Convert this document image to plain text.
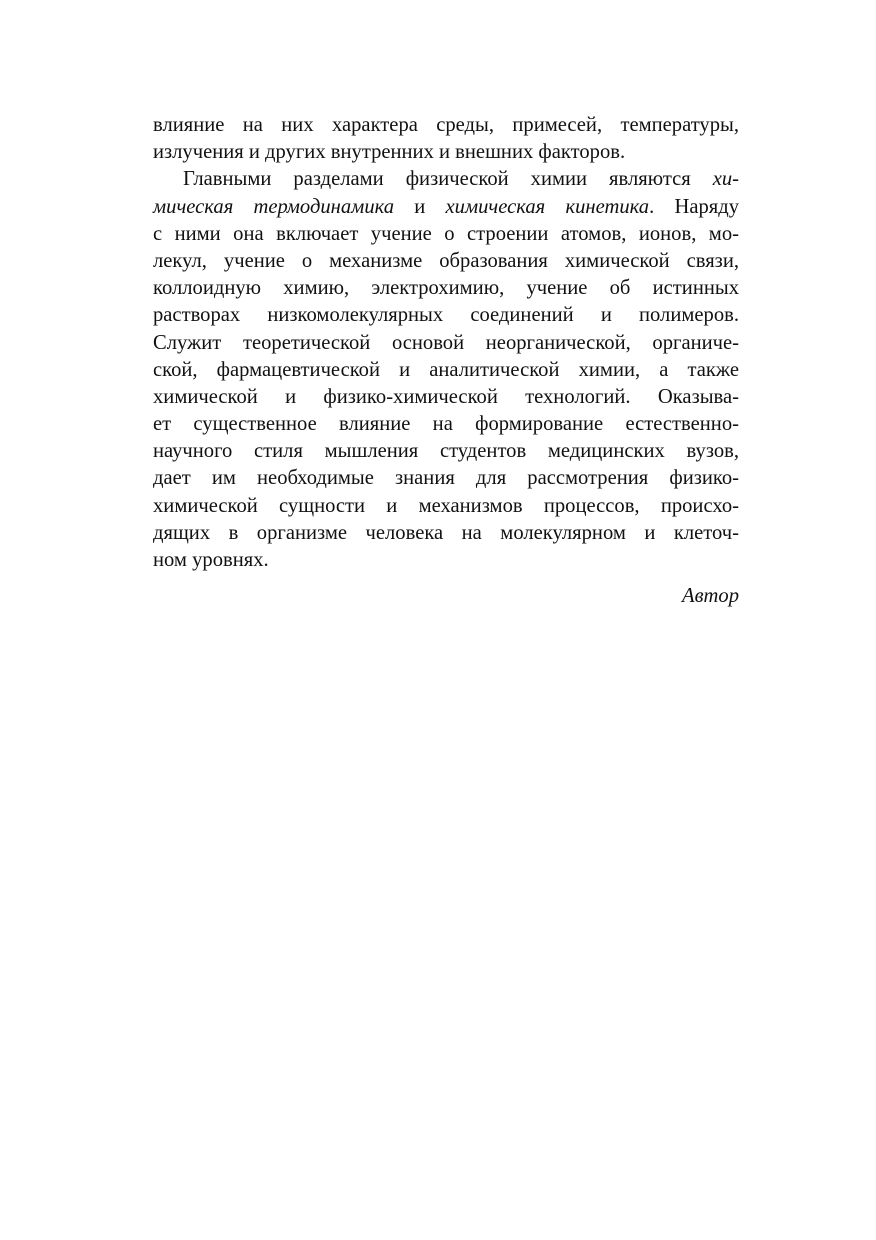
влияние на них характера среды, примесей, температуры,
излучения и других внутренних и внешних факторов.
Главными разделами физической химии являются хи-
мическая термодинамика и химическая кинетика. Наряду
с ними она включает учение о строении атомов, ионов, мо-
лекул, учение о механизме образования химической связи,
коллоидную химию, электрохимию, учение об истинных
растворах низкомолекулярных соединений и полимеров.
Служит теоретической основой неорганической, органиче-
ской, фармацевтической и аналитической химии, а также
химической и физико-химической технологий. Оказыва-
ет существенное влияние на формирование естественно-
научного стиля мышления студентов медицинских вузов,
дает им необходимые знания для рассмотрения физико-
химической сущности и механизмов процессов, происхо-
дящих в организме человека на молекулярном и клеточ-
ном уровнях.
Автор
